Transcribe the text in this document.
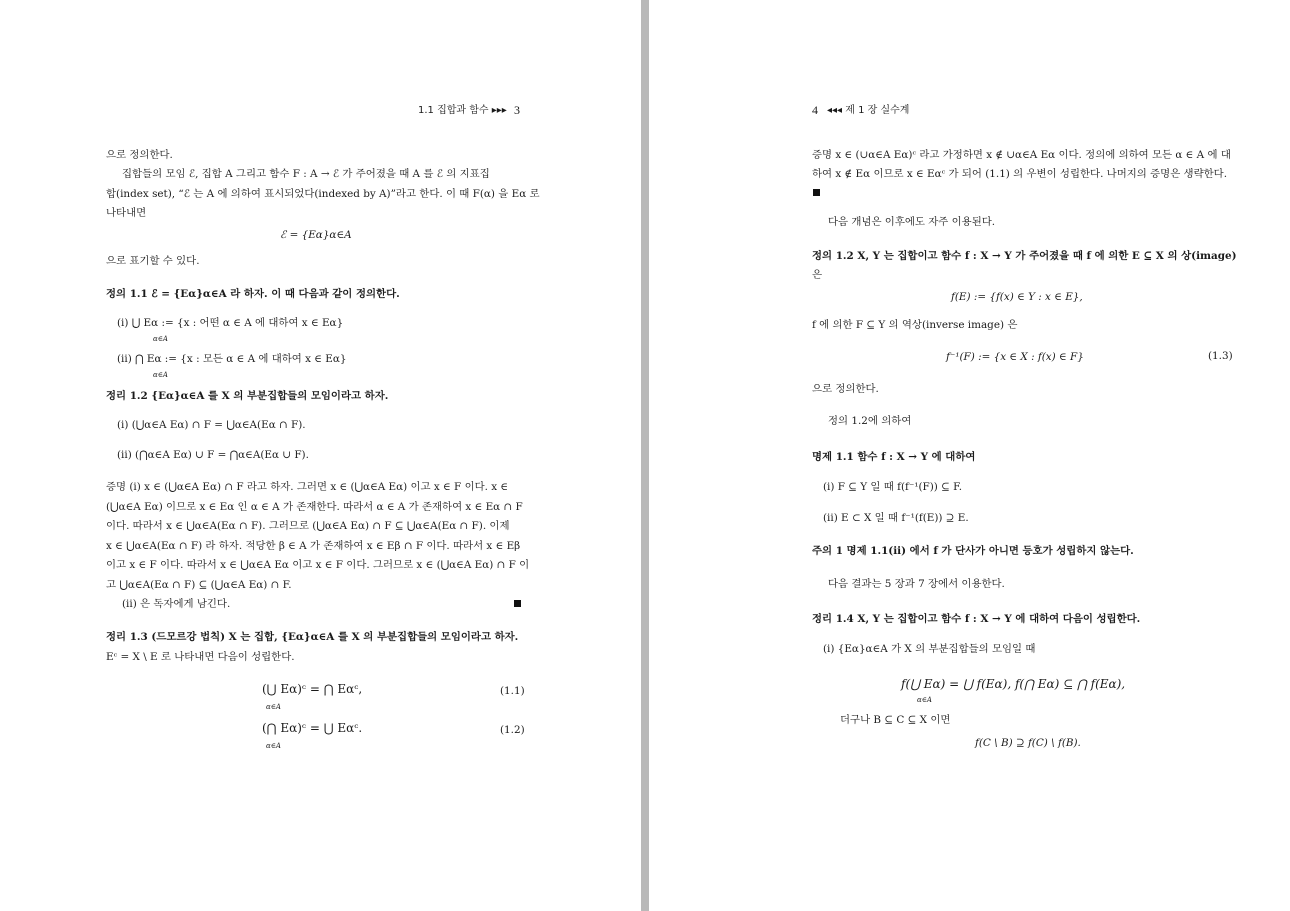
1.1 집합과 함수 ▸▸▸ 3
으로 정의한다.
집합들의 모임 ℰ, 집합 A 그리고 함수 F : A → ℰ 가 주어졌을 때 A 를 ℰ 의 지표집
합(index set), “ℰ 는 A 에 의하여 표시되었다(indexed by A)”라고 한다. 이 때 F(α) 을 Eα 로
나타내면
ℰ = {Eα}α∈A
으로 표기할 수 있다.
정의 1.1 ℰ = {Eα}α∈A 라 하자. 이 때 다음과 같이 정의한다.
(i) ⋃ Eα := {x : 어떤 α ∈ A 에 대하여 x ∈ Eα}
α∈A
(ii) ⋂ Eα := {x : 모든 α ∈ A 에 대하여 x ∈ Eα}
α∈A
정리 1.2 {Eα}α∈A 를 X 의 부분집합들의 모임이라고 하자.
(i) (⋃α∈A Eα) ∩ F = ⋃α∈A(Eα ∩ F).
(ii) (⋂α∈A Eα) ∪ F = ⋂α∈A(Eα ∪ F).
증명 (i) x ∈ (⋃α∈A Eα) ∩ F 라고 하자. 그러면 x ∈ (⋃α∈A Eα) 이고 x ∈ F 이다. x ∈
(⋃α∈A Eα) 이므로 x ∈ Eα 인 α ∈ A 가 존재한다. 따라서 α ∈ A 가 존재하여 x ∈ Eα ∩ F
이다. 따라서 x ∈ ⋃α∈A(Eα ∩ F). 그러므로 (⋃α∈A Eα) ∩ F ⊆ ⋃α∈A(Eα ∩ F). 이제
x ∈ ⋃α∈A(Eα ∩ F) 라 하자. 적당한 β ∈ A 가 존재하여 x ∈ Eβ ∩ F 이다. 따라서 x ∈ Eβ
이고 x ∈ F 이다. 따라서 x ∈ ⋃α∈A Eα 이고 x ∈ F 이다. 그러므로 x ∈ (⋃α∈A Eα) ∩ F 이
고 ⋃α∈A(Eα ∩ F) ⊆ (⋃α∈A Eα) ∩ F.
(ii) 은 독자에게 남긴다.
정리 1.3 (드모르강 법칙) X 는 집합, {Eα}α∈A 를 X 의 부분집합들의 모임이라고 하자.
Eᶜ = X \ E 로 나타내면 다음이 성립한다.
(⋃ Eα)ᶜ = ⋂ Eαᶜ,
α∈A
(1.1)
(⋂ Eα)ᶜ = ⋃ Eαᶜ.
α∈A
(1.2)
4 ◂◂◂ 제 1 장 실수계
증명 x ∈ (∪α∈A Eα)ᶜ 라고 가정하면 x ∉ ∪α∈A Eα 이다. 정의에 의하여 모든 α ∈ A 에 대
하여 x ∉ Eα 이므로 x ∈ Eαᶜ 가 되어 (1.1) 의 우변이 성립한다. 나머지의 증명은 생략한다.
다음 개념은 이후에도 자주 이용된다.
정의 1.2 X, Y 는 집합이고 함수 f : X → Y 가 주어졌을 때 f 에 의한 E ⊆ X 의 상(image)
은
f(E) := {f(x) ∈ Y : x ∈ E},
f 에 의한 F ⊆ Y 의 역상(inverse image) 은
f⁻¹(F) := {x ∈ X : f(x) ∈ F}	(1.3)
으로 정의한다.
정의 1.2에 의하여
명제 1.1 함수 f : X → Y 에 대하여
(i) F ⊆ Y 일 때 f(f⁻¹(F)) ⊆ F.
(ii) E ⊂ X 일 때 f⁻¹(f(E)) ⊇ E.
주의 1 명제 1.1(ii) 에서 f 가 단사가 아니면 등호가 성립하지 않는다.
다음 결과는 5 장과 7 장에서 이용한다.
정리 1.4 X, Y 는 집합이고 함수 f : X → Y 에 대하여 다음이 성립한다.
(i) {Eα}α∈A 가 X 의 부분집합들의 모임일 때
f(⋃ Eα) = ⋃ f(Eα), f(⋂ Eα) ⊆ ⋂ f(Eα),
α∈A
더구나 B ⊆ C ⊆ X 이면
f(C \ B) ⊇ f(C) \ f(B).
